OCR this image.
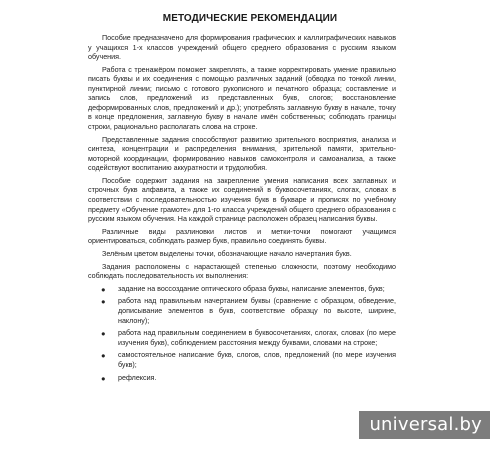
МЕТОДИЧЕСКИЕ РЕКОМЕНДАЦИИ

Пособие предназначено для формирования графических и каллиграфических навыков у учащихся 1-х классов учреждений общего среднего образования с русским языком обучения.

Работа с тренажёром поможет закреплять, а также корректировать умение правильно писать буквы и их соединения с помощью различных заданий (обводка по тонкой линии, пунктирной линии; письмо с готового рукописного и печатного образца; составление и запись слов, предложений из представленных букв, слогов; восстановление деформированных слов, предложений и др.); употреблять заглавную букву в начале, точку в конце предложения, заглавную букву в начале имён собственных; соблюдать границы строки, рационально располагать слова на строке.

Представленные задания способствуют развитию зрительного восприятия, анализа и синтеза, концентрации и распределения внимания, зрительной памяти, зрительно-моторной координации, формированию навыков самоконтроля и самоанализа, а также содействуют воспитанию аккуратности и трудолюбия.

Пособие содержит задания на закрепление умения написания всех заглавных и строчных букв алфавита, а также их соединений в буквосочетаниях, слогах, словах в соответствии с последовательностью изучения букв в букваре и прописях по учебному предмету «Обучение грамоте» для 1-го класса учреждений общего среднего образования с русским языком обучения. На каждой странице расположен образец написания буквы.

Различные виды разлиновки листов и метки-точки помогают учащимся ориентироваться, соблюдать размер букв, правильно соединять буквы.

Зелёным цветом выделены точки, обозначающие начало начертания букв.

Задания расположены с нарастающей степенью сложности, поэтому необходимо соблюдать последовательность их выполнения:

● задание на воссоздание оптического образа буквы, написание элементов, букв;
● работа над правильным начертанием буквы (сравнение с образцом, обведение, дописывание элементов в букв, соответствие образцу по высоте, ширине, наклону);
● работа над правильным соединением в буквосочетаниях, слогах, словах (по мере изучения букв), соблюдением расстояния между буквами, словами на строке;
● самостоятельное написание букв, слогов, слов, предложений (по мере изучения букв);
● рефлексия.
universal.by
